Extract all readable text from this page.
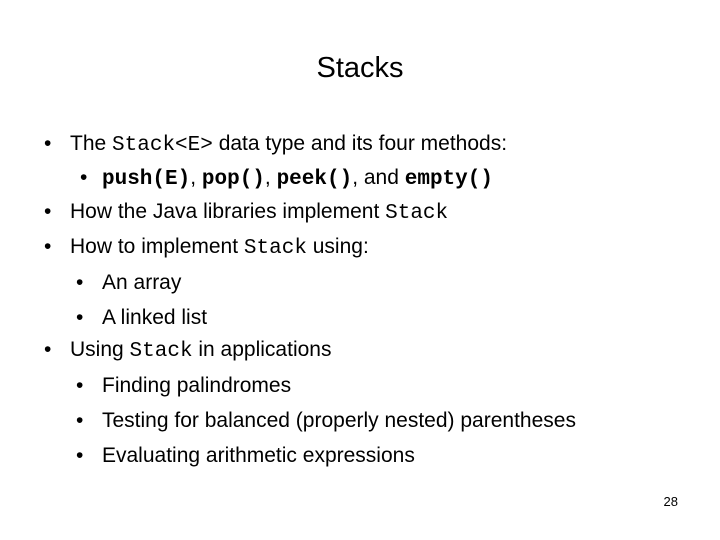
Stacks
• The Stack<E> data type and its four methods:
• push(E), pop(), peek(), and empty()
• How the Java libraries implement Stack
• How to implement Stack using:
• An array
• A linked list
• Using Stack in applications
• Finding palindromes
• Testing for balanced (properly nested) parentheses
• Evaluating arithmetic expressions
28
